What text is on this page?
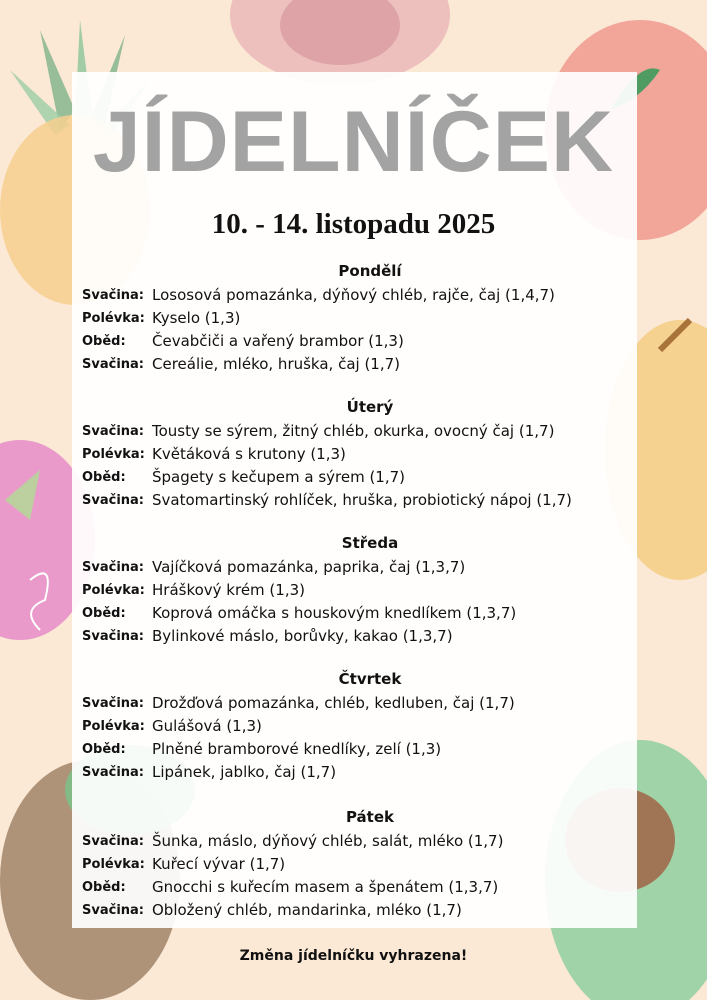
JÍDELNÍČEK
10. - 14. listopadu 2025
Pondělí
Svačina: Lososová pomazánka, dýňový chléb, rajče, čaj (1,4,7)
Polévka: Kyselo (1,3)
Oběd: Čevabčiči a vařený brambor (1,3)
Svačina: Cereálie, mléko, hruška, čaj (1,7)
Úterý
Svačina: Tousty se sýrem, žitný chléb, okurka, ovocný čaj (1,7)
Polévka: Květáková s krutony (1,3)
Oběd: Špagety s kečupem a sýrem (1,7)
Svačina: Svatomartinský rohlíček, hruška, probiotický nápoj (1,7)
Středa
Svačina: Vajíčková pomazánka, paprika, čaj (1,3,7)
Polévka: Hráškový krém (1,3)
Oběd: Koprová omáčka s houskovým knedlíkem (1,3,7)
Svačina: Bylinkové máslo, borůvky, kakao (1,3,7)
Čtvrtek
Svačina: Drožďová pomazánka, chléb, kedluben, čaj (1,7)
Polévka: Gulášová (1,3)
Oběd: Plněné bramborové knedlíky, zelí (1,3)
Svačina: Lipánek, jablko, čaj (1,7)
Pátek
Svačina: Šunka, máslo, dýňový chléb, salát, mléko (1,7)
Polévka: Kuřecí vývar (1,7)
Oběd: Gnocchi s kuřecím masem a špenátem (1,3,7)
Svačina: Obložený chléb, mandarinka, mléko (1,7)
Změna jídelníčku vyhrazena!
